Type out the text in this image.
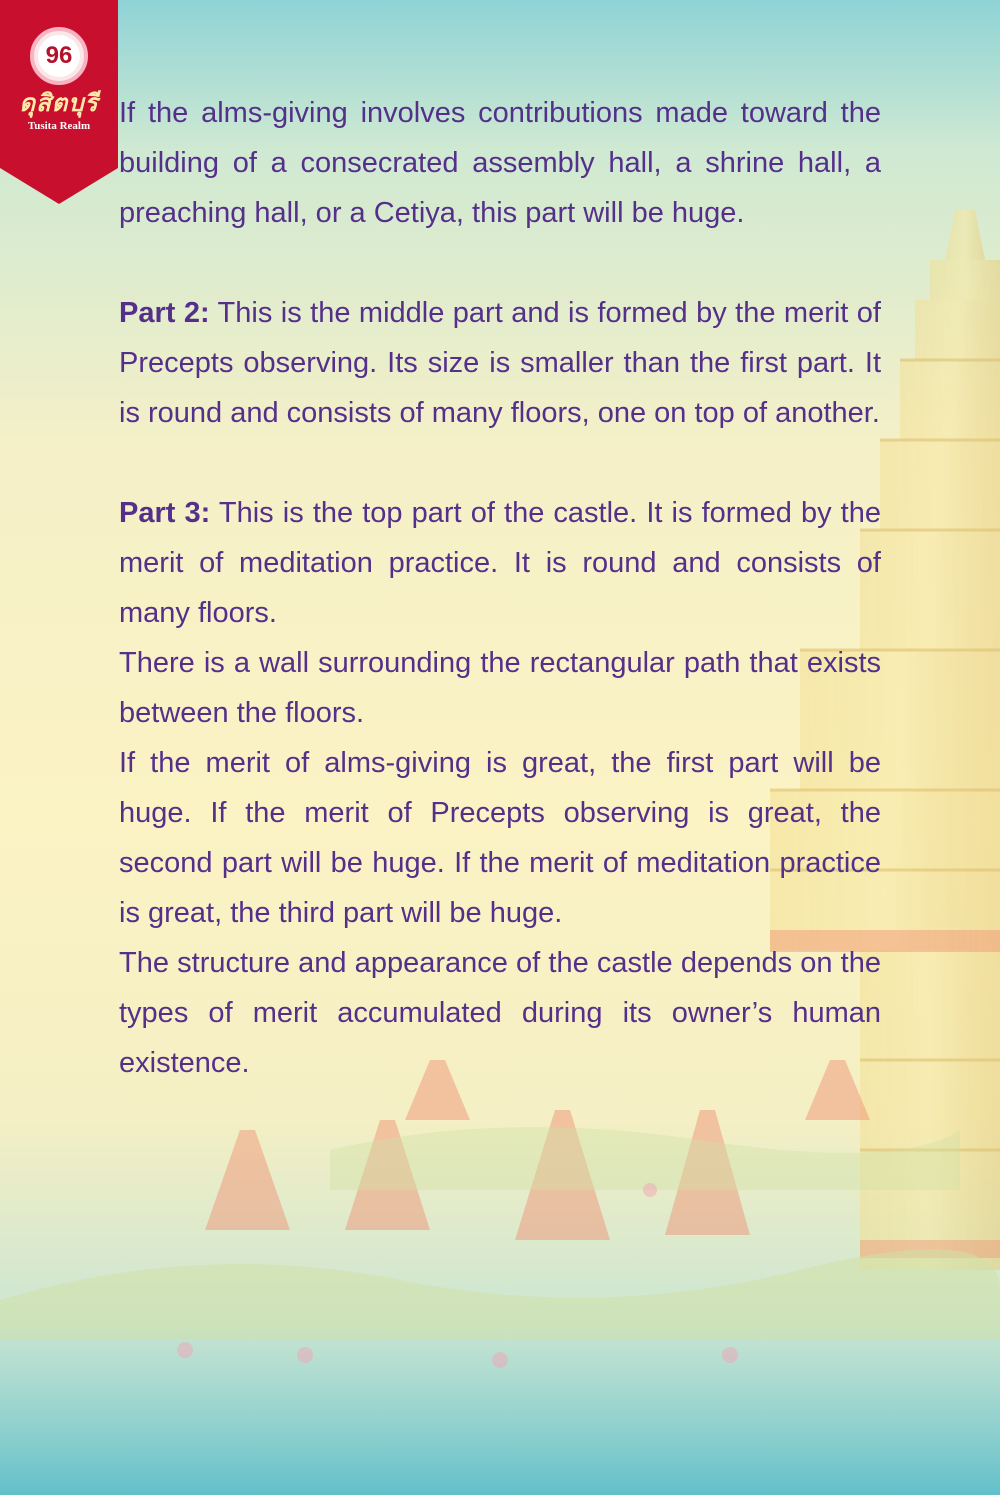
96
ดุสิตบุรี
Tusita Realm If the alms-giving involves contributions made toward the building of a consecrated assembly hall, a shrine hall, a preaching hall, or a Cetiya, this part will be huge.

Part 2: This is the middle part and is formed by the merit of Precepts observing. Its size is smaller than the first part. It is round and consists of many floors, one on top of another.

Part 3: This is the top part of the castle. It is formed by the merit of meditation practice. It is round and consists of many floors.

There is a wall surrounding the rectangular path that exists between the floors.

If the merit of alms-giving is great, the first part will be huge. If the merit of Precepts observing is great, the second part will be huge. If the merit of meditation practice is great, the third part will be huge.

The structure and appearance of the castle depends on the types of merit accumulated during its owner’s human existence.
